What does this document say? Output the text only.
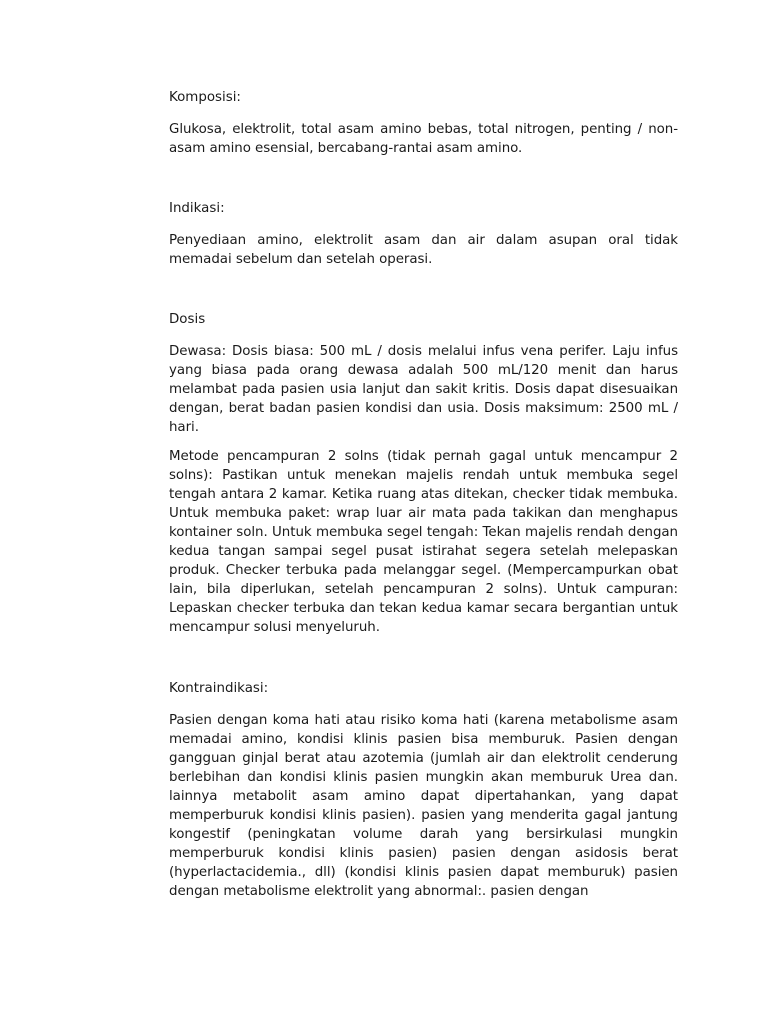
Komposisi:

Glukosa, elektrolit, total asam amino bebas, total nitrogen, penting / non-asam amino esensial, bercabang-rantai asam amino.

Indikasi:

Penyediaan amino, elektrolit asam dan air dalam asupan oral tidak memadai sebelum dan setelah operasi.

Dosis

Dewasa: Dosis biasa: 500 mL / dosis melalui infus vena perifer. Laju infus yang biasa pada orang dewasa adalah 500 mL/120 menit dan harus melambat pada pasien usia lanjut dan sakit kritis. Dosis dapat disesuaikan dengan, berat badan pasien kondisi dan usia. Dosis maksimum: 2500 mL / hari.

Metode pencampuran 2 solns (tidak pernah gagal untuk mencampur 2 solns): Pastikan untuk menekan majelis rendah untuk membuka segel tengah antara 2 kamar. Ketika ruang atas ditekan, checker tidak membuka. Untuk membuka paket: wrap luar air mata pada takikan dan menghapus kontainer soln. Untuk membuka segel tengah: Tekan majelis rendah dengan kedua tangan sampai segel pusat istirahat segera setelah melepaskan produk. Checker terbuka pada melanggar segel. (Mempercampurkan obat lain, bila diperlukan, setelah pencampuran 2 solns). Untuk campuran: Lepaskan checker terbuka dan tekan kedua kamar secara bergantian untuk mencampur solusi menyeluruh.

Kontraindikasi:

Pasien dengan koma hati atau risiko koma hati (karena metabolisme asam memadai amino, kondisi klinis pasien bisa memburuk. Pasien dengan gangguan ginjal berat atau azotemia (jumlah air dan elektrolit cenderung berlebihan dan kondisi klinis pasien mungkin akan memburuk Urea dan. lainnya metabolit asam amino dapat dipertahankan, yang dapat memperburuk kondisi klinis pasien). pasien yang menderita gagal jantung kongestif (peningkatan volume darah yang bersirkulasi mungkin memperburuk kondisi klinis pasien) pasien dengan asidosis berat (hyperlactacidemia., dll) (kondisi klinis pasien dapat memburuk) pasien dengan metabolisme elektrolit yang abnormal:. pasien dengan
